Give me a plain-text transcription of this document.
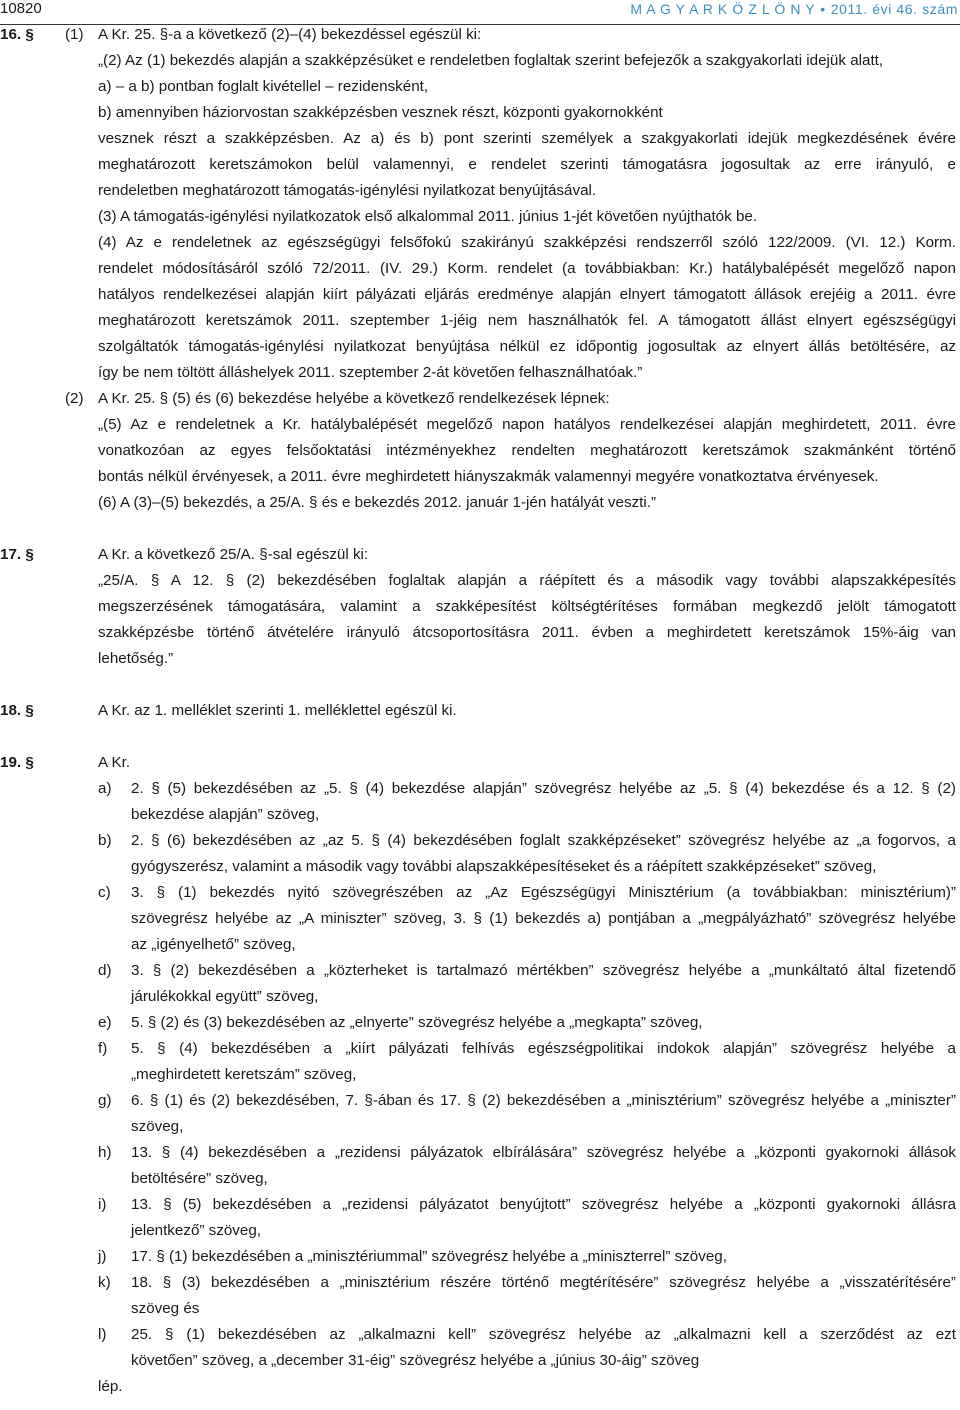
10820	M A G Y A R K Ö Z L Ö N Y • 2011. évi 46. szám
16. § (1) A Kr. 25. §-a a következő (2)–(4) bekezdéssel egészül ki:
„(2) Az (1) bekezdés alapján a szakképzésüket e rendeletben foglaltak szerint befejezők a szakgyakorlati idejük alatt,
a) – a b) pontban foglalt kivétellel – rezidensként,
b) amennyiben háziorvostan szakképzésben vesznek részt, központi gyakornokként
vesznek részt a szakképzésben. Az a) és b) pont szerinti személyek a szakgyakorlati idejük megkezdésének évére
meghatározott keretszámokon belül valamennyi, e rendelet szerinti támogatásra jogosultak az erre irányuló, e
rendeletben meghatározott támogatás-igénylési nyilatkozat benyújtásával.
(3) A támogatás-igénylési nyilatkozatok első alkalommal 2011. június 1-jét követően nyújthatók be.
(4) Az e rendeletnek az egészségügyi felsőfokú szakirányú szakképzési rendszerről szóló 122/2009. (VI. 12.) Korm.
rendelet módosításáról szóló 72/2011. (IV. 29.) Korm. rendelet (a továbbiakban: Kr.) hatálybalépését megelőző napon
hatályos rendelkezései alapján kiírt pályázati eljárás eredménye alapján elnyert támogatott állások erejéig a 2011. évre
meghatározott keretszámok 2011. szeptember 1-jéig nem használhatók fel. A támogatott állást elnyert egészségügyi
szolgáltatók támogatás-igénylési nyilatkozat benyújtása nélkül ez időpontig jogosultak az elnyert állás betöltésére, az
így be nem töltött álláshelyek 2011. szeptember 2-át követően felhasználhatóak.”
(2) A Kr. 25. § (5) és (6) bekezdése helyébe a következő rendelkezések lépnek:
„(5) Az e rendeletnek a Kr. hatálybalépését megelőző napon hatályos rendelkezései alapján meghirdetett, 2011. évre
vonatkozóan az egyes felsőoktatási intézményekhez rendelten meghatározott keretszámok szakmánként történő
bontás nélkül érvényesek, a 2011. évre meghirdetett hiányszakmák valamennyi megyére vonatkoztatva érvényesek.
(6) A (3)–(5) bekezdés, a 25/A. § és e bekezdés 2012. január 1-jén hatályát veszti.”
17. §	A Kr. a következő 25/A. §-sal egészül ki:
„25/A. § A 12. § (2) bekezdésében foglaltak alapján a ráépített és a második vagy további alapszakképesítés
megszerzésének támogatására, valamint a szakképesítést költségtérítéses formában megkezdő jelölt támogatott
szakképzésbe történő átvételére irányuló átcsoportosításra 2011. évben a meghirdetett keretszámok 15%-áig van
lehetőség.”
18. §	A Kr. az 1. melléklet szerinti 1. melléklettel egészül ki.
19. §	A Kr.
a) 2. § (5) bekezdésében az „5. § (4) bekezdése alapján” szövegrész helyébe az „5. § (4) bekezdése és a 12. § (2)
bekezdése alapján” szöveg,
b) 2. § (6) bekezdésében az „az 5. § (4) bekezdésében foglalt szakképzéseket” szövegrész helyébe az „a fogorvos, a
gyógyszerész, valamint a második vagy további alapszakképesítéseket és a ráépített szakképzéseket” szöveg,
c) 3. § (1) bekezdés nyitó szövegrészében az „Az Egészségügyi Minisztérium (a továbbiakban: minisztérium)”
szövegrész helyébe az „A miniszter” szöveg, 3. § (1) bekezdés a) pontjában a „megpályázható” szövegrész helyébe
az „igényelhető” szöveg,
d) 3. § (2) bekezdésében a „közterheket is tartalmazó mértékben” szövegrész helyébe a „munkáltató által fizetendő
járulékokkal együtt” szöveg,
e) 5. § (2) és (3) bekezdésében az „elnyerte” szövegrész helyébe a „megkapta” szöveg,
f) 5. § (4) bekezdésében a „kiírt pályázati felhívás egészségpolitikai indokok alapján” szövegrész helyébe a
„meghirdetett keretszám” szöveg,
g) 6. § (1) és (2) bekezdésében, 7. §-ában és 17. § (2) bekezdésében a „minisztérium” szövegrész helyébe a „miniszter”
szöveg,
h) 13. § (4) bekezdésében a „rezidensi pályázatok elbírálására” szövegrész helyébe a „központi gyakornoki állások
betöltésére” szöveg,
i) 13. § (5) bekezdésében a „rezidensi pályázatot benyújtott” szövegrész helyébe a „központi gyakornoki állásra
jelentkező” szöveg,
j) 17. § (1) bekezdésében a „minisztériummal” szövegrész helyébe a „miniszterrel” szöveg,
k) 18. § (3) bekezdésében a „minisztérium részére történő megtérítésére” szövegrész helyébe a „visszatérítésére”
szöveg és
l) 25. § (1) bekezdésében az „alkalmazni kell” szövegrész helyébe az „alkalmazni kell a szerződést az ezt
követően” szöveg, a „december 31-éig” szövegrész helyébe a „június 30-áig” szöveg
lép.
